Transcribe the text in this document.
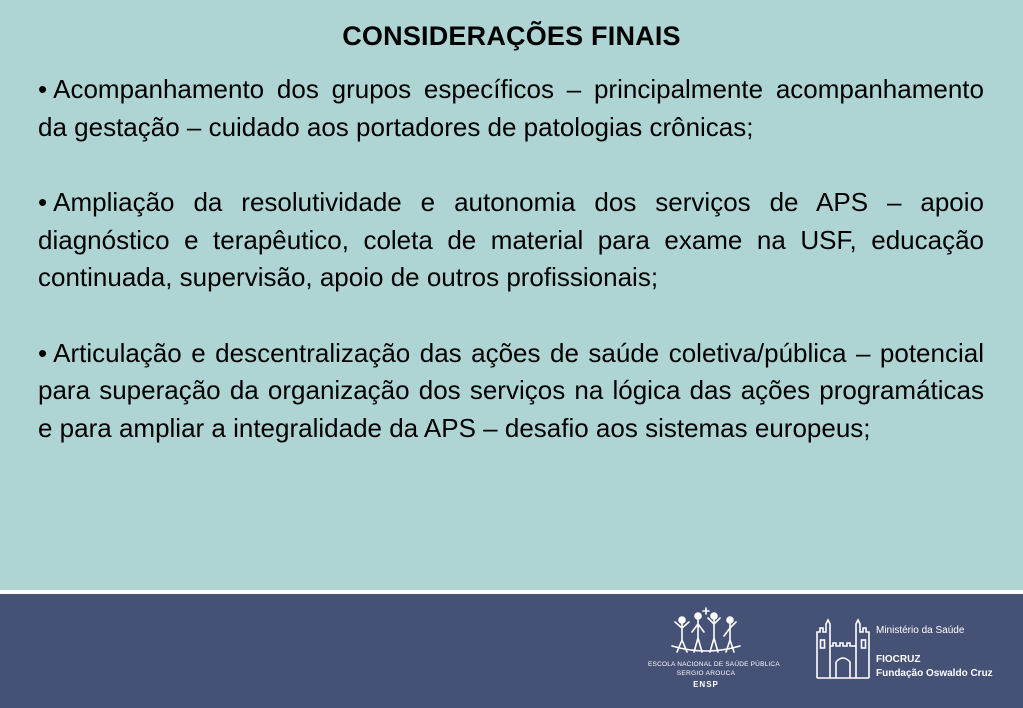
CONSIDERAÇÕES FINAIS

• Acompanhamento dos grupos específicos – principalmente acompanhamento da gestação – cuidado aos portadores de patologias crônicas;

• Ampliação da resolutividade e autonomia dos serviços de APS – apoio diagnóstico e terapêutico, coleta de material para exame na USF, educação continuada, supervisão, apoio de outros profissionais;

• Articulação e descentralização das ações de saúde coletiva/pública – potencial para superação da organização dos serviços na lógica das ações programáticas e para ampliar a integralidade da APS – desafio aos sistemas europeus;

ESCOLA NACIONAL DE SAÚDE PÚBLICA
SERGIO AROUCA
ENSP
Ministério da Saúde
FIOCRUZ
Fundação Oswaldo Cruz
